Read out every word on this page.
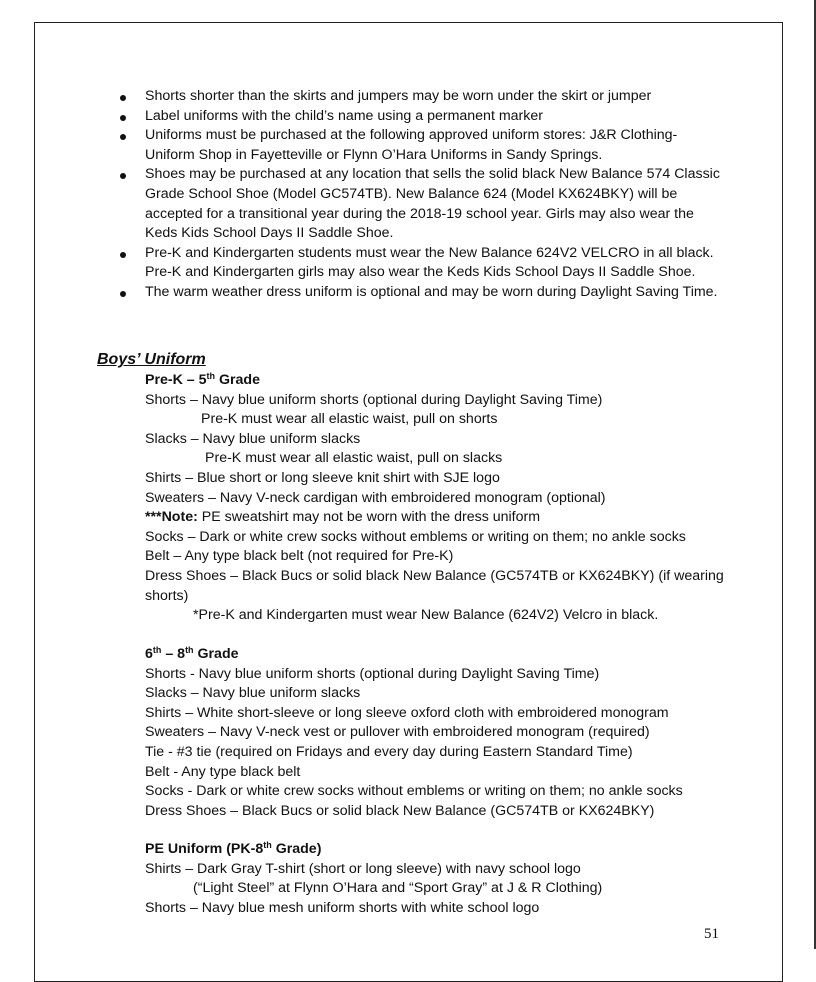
Shorts shorter than the skirts and jumpers may be worn under the skirt or jumper
Label uniforms with the child’s name using a permanent marker
Uniforms must be purchased at the following approved uniform stores: J&R Clothing-Uniform Shop in Fayetteville or Flynn O’Hara Uniforms in Sandy Springs.
Shoes may be purchased at any location that sells the solid black New Balance 574 Classic Grade School Shoe (Model GC574TB). New Balance 624 (Model KX624BKY) will be accepted for a transitional year during the 2018-19 school year. Girls may also wear the Keds Kids School Days II Saddle Shoe.
Pre-K and Kindergarten students must wear the New Balance 624V2 VELCRO in all black. Pre-K and Kindergarten girls may also wear the Keds Kids School Days II Saddle Shoe.
The warm weather dress uniform is optional and may be worn during Daylight Saving Time.
Boys’ Uniform
Pre-K – 5th Grade
Shorts – Navy blue uniform shorts (optional during Daylight Saving Time)
Pre-K must wear all elastic waist, pull on shorts
Slacks – Navy blue uniform slacks
Pre-K must wear all elastic waist, pull on slacks
Shirts – Blue short or long sleeve knit shirt with SJE logo
Sweaters – Navy V-neck cardigan with embroidered monogram (optional)
***Note: PE sweatshirt may not be worn with the dress uniform
Socks – Dark or white crew socks without emblems or writing on them; no ankle socks
Belt – Any type black belt (not required for Pre-K)
Dress Shoes – Black Bucs or solid black New Balance (GC574TB or KX624BKY) (if wearing shorts)
*Pre-K and Kindergarten must wear New Balance (624V2) Velcro in black.
6th – 8th Grade
Shorts - Navy blue uniform shorts (optional during Daylight Saving Time)
Slacks – Navy blue uniform slacks
Shirts – White short-sleeve or long sleeve oxford cloth with embroidered monogram
Sweaters – Navy V-neck vest or pullover with embroidered monogram (required)
Tie - #3 tie (required on Fridays and every day during Eastern Standard Time)
Belt - Any type black belt
Socks - Dark or white crew socks without emblems or writing on them; no ankle socks
Dress Shoes – Black Bucs or solid black New Balance (GC574TB or KX624BKY)
PE Uniform (PK-8th Grade)
Shirts – Dark Gray T-shirt (short or long sleeve) with navy school logo
(“Light Steel” at Flynn O’Hara and “Sport Gray” at J & R Clothing)
Shorts – Navy blue mesh uniform shorts with white school logo
51
